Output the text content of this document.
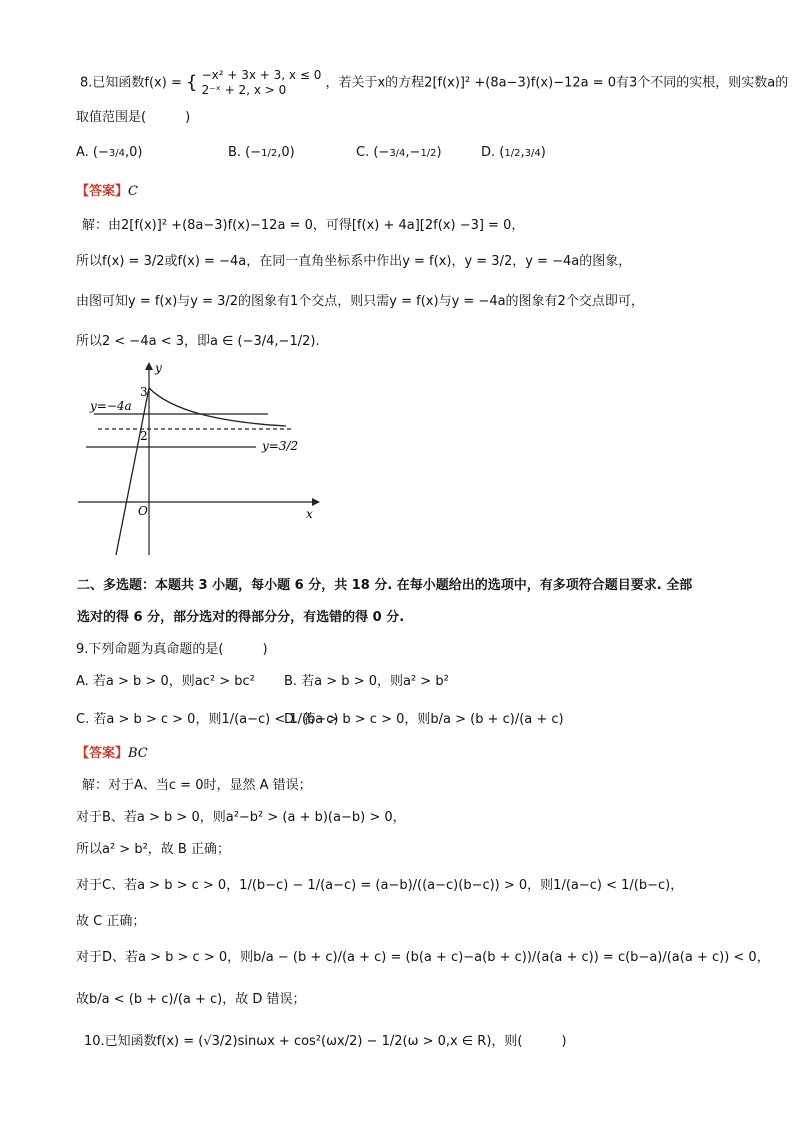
8.已知函数f(x) = { −x² + 3x + 3, x ≤ 0
2⁻ˣ + 2, x > 0	，若关于x的方程2[f(x)]² +(8a−3)f(x)−12a = 0有3个不同的实根，则实数a的
取值范围是(　　　)
A. (−3/4,0)	B. (−1/2,0)	C. (−3/4,−1/2)	D. (1/2,3/4)
【答案】C
解：由2[f(x)]² +(8a−3)f(x)−12a = 0，可得[f(x) + 4a][2f(x) −3] = 0，
所以f(x) = 3/2或f(x) = −4a，在同一直角坐标系中作出y = f(x)，y = 3/2，y = −4a的图象，
由图可知y = f(x)与y = 3/2的图象有1个交点，则只需y = f(x)与y = −4a的图象有2个交点即可，
所以2 < −4a < 3，即a ∈ (−3/4,−1/2).
y
x
O
3
2
y=−4a
y=3/2
二、多选题：本题共 3 小题，每小题 6 分，共 18 分. 在每小题给出的选项中，有多项符合题目要求. 全部
选对的得 6 分，部分选对的得部分分，有选错的得 0 分.
9.下列命题为真命题的是(　　　)
A. 若a > b > 0，则ac² > bc² B. 若a > b > 0，则a² > b²
C. 若a > b > c > 0，则1/(a−c) < 1/(b−c)
D. 若a > b > c > 0，则b/a > (b + c)/(a + c)
【答案】BC
解：对于A、当c = 0时，显然 A 错误；
对于B、若a > b > 0，则a²−b² > (a + b)(a−b) > 0，
所以a² > b²，故 B 正确；
对于C、若a > b > c > 0，1/(b−c) − 1/(a−c) = (a−b)/((a−c)(b−c)) > 0，则1/(a−c) < 1/(b−c)，
故 C 正确；
对于D、若a > b > c > 0，则b/a − (b + c)/(a + c) = (b(a + c)−a(b + c))/(a(a + c)) = c(b−a)/(a(a + c)) < 0，
故b/a < (b + c)/(a + c)，故 D 错误；
10.已知函数f(x) = (√3/2)sinωx + cos²(ωx/2) − 1/2(ω > 0,x ∈ R)，则(　　　)
